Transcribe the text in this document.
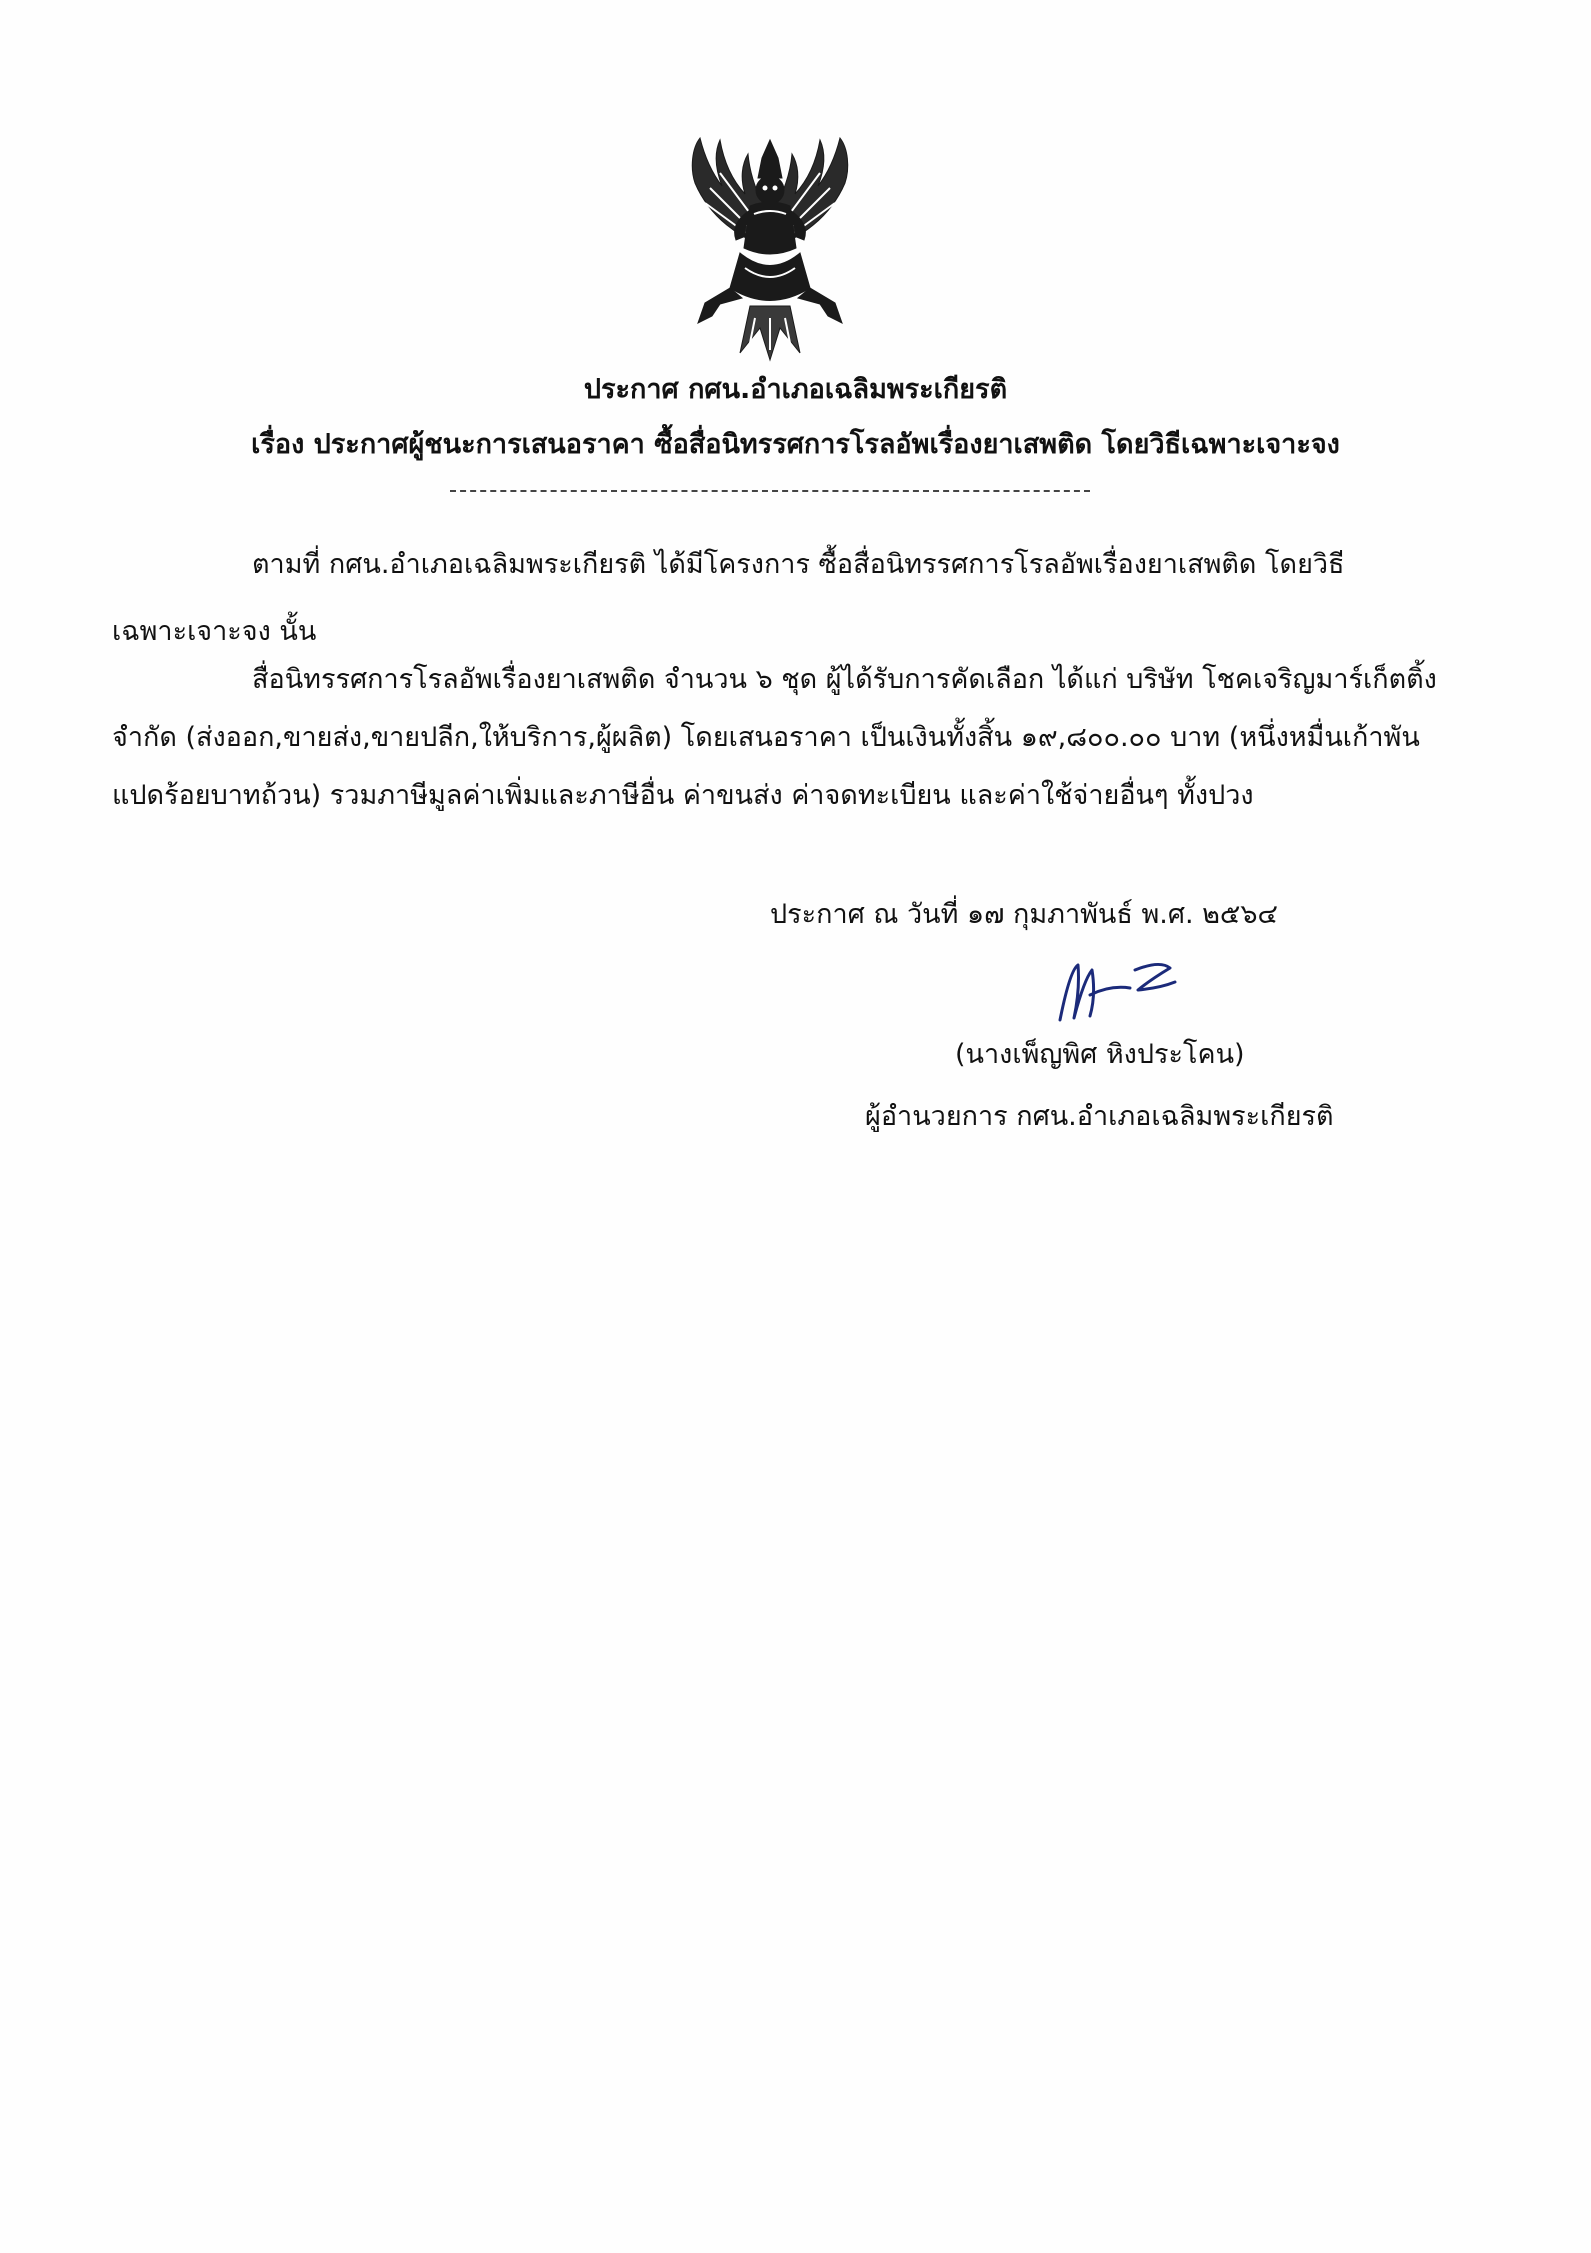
ประกาศ กศน.อำเภอเฉลิมพระเกียรติ
เรื่อง ประกาศผู้ชนะการเสนอราคา ซื้อสื่อนิทรรศการโรลอัพเรื่องยาเสพติด โดยวิธีเฉพาะเจาะจง
ตามที่ กศน.อำเภอเฉลิมพระเกียรติ ได้มีโครงการ ซื้อสื่อนิทรรศการโรลอัพเรื่องยาเสพติด โดยวิธี
เฉพาะเจาะจง นั้น
สื่อนิทรรศการโรลอัพเรื่องยาเสพติด จำนวน ๖ ชุด ผู้ได้รับการคัดเลือก ได้แก่ บริษัท โชคเจริญมาร์เก็ตติ้ง
จำกัด (ส่งออก,ขายส่ง,ขายปลีก,ให้บริการ,ผู้ผลิต) โดยเสนอราคา เป็นเงินทั้งสิ้น ๑๙,๘๐๐.๐๐ บาท (หนึ่งหมื่นเก้าพัน
แปดร้อยบาทถ้วน) รวมภาษีมูลค่าเพิ่มและภาษีอื่น ค่าขนส่ง ค่าจดทะเบียน และค่าใช้จ่ายอื่นๆ ทั้งปวง
ประกาศ ณ วันที่ ๑๗ กุมภาพันธ์ พ.ศ. ๒๕๖๔
(นางเพ็ญพิศ หิงประโคน)
ผู้อำนวยการ กศน.อำเภอเฉลิมพระเกียรติ
